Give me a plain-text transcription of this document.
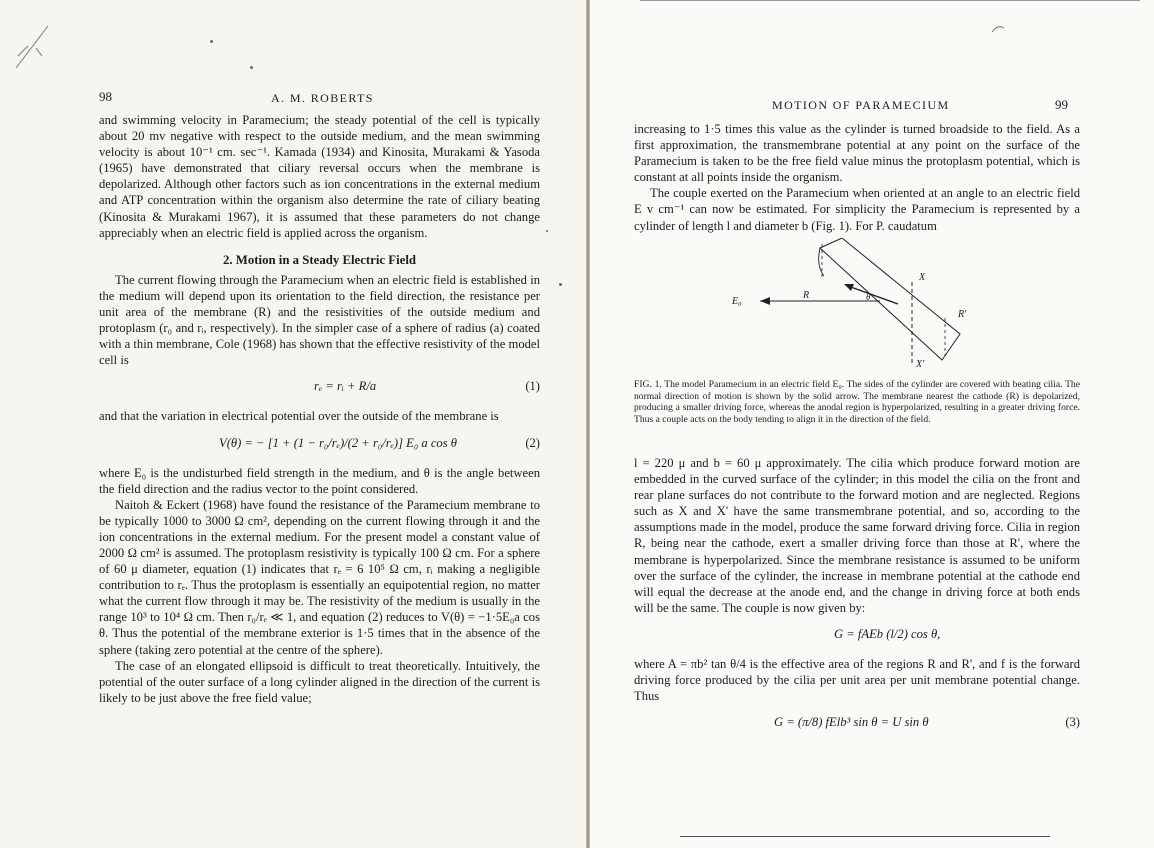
98	A. M. ROBERTS

and swimming velocity in Paramecium; the steady potential of the cell is typically about 20 mv negative with respect to the outside medium, and the mean swimming velocity is about 10⁻¹ cm. sec⁻¹. Kamada (1934) and Kinosita, Murakami & Yasoda (1965) have demonstrated that ciliary reversal occurs when the membrane is depolarized. Although other factors such as ion concentrations in the external medium and ATP concentration within the organism also determine the rate of ciliary beating (Kinosita & Murakami 1967), it is assumed that these parameters do not change appreciably when an electric field is applied across the organism.

2. Motion in a Steady Electric Field

The current flowing through the Paramecium when an electric field is established in the medium will depend upon its orientation to the field direction, the resistance per unit area of the membrane (R) and the resistivities of the outside medium and protoplasm (r₀ and rᵢ, respectively). In the simpler case of a sphere of radius (a) coated with a thin membrane, Cole (1968) has shown that the effective resistivity of the model cell is

rₑ = rᵢ + R/a	(1)

and that the variation in electrical potential over the outside of the membrane is

V(θ) = − [1 + (1 − r₀/rₑ)/(2 + r₀/rₑ)] E₀ a cos θ	(2)

where E₀ is the undisturbed field strength in the medium, and θ is the angle between the field direction and the radius vector to the point considered.

Naitoh & Eckert (1968) have found the resistance of the Paramecium membrane to be typically 1000 to 3000 Ω cm², depending on the current flowing through it and the ion concentrations in the external medium. For the present model a constant value of 2000 Ω cm² is assumed. The protoplasm resistivity is typically 100 Ω cm. For a sphere of 60 μ diameter, equation (1) indicates that rₑ = 6 10⁵ Ω cm, rᵢ making a negligible contribution to rₑ. Thus the protoplasm is essentially an equipotential region, no matter what the current flow through it may be. The resistivity of the medium is usually in the range 10³ to 10⁴ Ω cm. Then r₀/rₑ ≪ 1, and equation (2) reduces to V(θ) = −1·5E₀a cos θ. Thus the potential of the membrane exterior is 1·5 times that in the absence of the sphere (taking zero potential at the centre of the sphere).

The case of an elongated ellipsoid is difficult to treat theoretically. Intuitively, the potential of the outer surface of a long cylinder aligned in the direction of the current is likely to be just above the free field value;

MOTION OF PARAMECIUM	99

increasing to 1·5 times this value as the cylinder is turned broadside to the field. As a first approximation, the transmembrane potential at any point on the surface of the Paramecium is taken to be the free field value minus the protoplasm potential, which is constant at all points inside the organism.

The couple exerted on the Paramecium when oriented at an angle to an electric field E v cm⁻¹ can now be estimated. For simplicity the Paramecium is represented by a cylinder of length l and diameter b (Fig. 1). For P. caudatum

E₀
R	θ
X
R'
X'
FIG. 1. The model Paramecium in an electric field E₀. The sides of the cylinder are covered with beating cilia. The normal direction of motion is shown by the solid arrow. The membrane nearest the cathode (R) is depolarized, producing a smaller driving force, whereas the anodal region is hyperpolarized, resulting in a greater driving force. Thus a couple acts on the body tending to align it in the direction of the field.

l = 220 μ and b = 60 μ approximately. The cilia which produce forward motion are embedded in the curved surface of the cylinder; in this model the cilia on the front and rear plane surfaces do not contribute to the forward motion and are neglected. Regions such as X and X' have the same transmembrane potential, and so, according to the assumptions made in the model, produce the same forward driving force. Cilia in region R, being near the cathode, exert a smaller driving force than those at R', where the membrane is hyperpolarized. Since the membrane resistance is assumed to be uniform over the surface of the cylinder, the increase in membrane potential at the cathode end will equal the decrease at the anode end, and the change in driving force at both ends will be the same. The couple is now given by:

G = fAEb (l/2) cos θ,

where A = πb² tan θ/4 is the effective area of the regions R and R', and f is the forward driving force produced by the cilia per unit area per unit membrane potential change. Thus

G = (π/8) fElb³ sin θ = U sin θ	(3)
